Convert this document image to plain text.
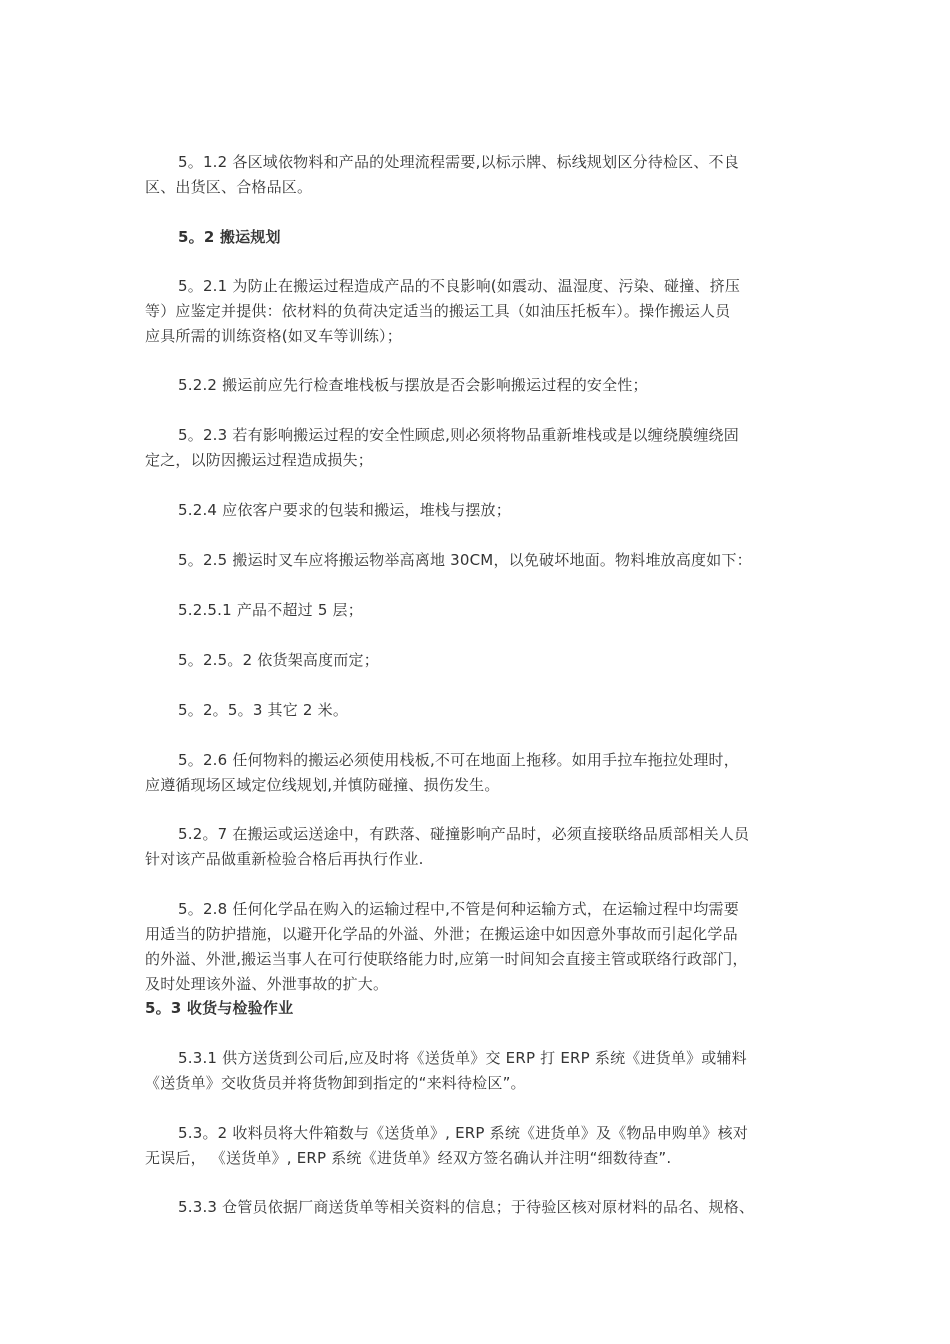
5。1.2 各区域依物料和产品的处理流程需要,以标示牌、标线规划区分待检区、不良
区、出货区、合格品区。
5。2 搬运规划
5。2.1 为防止在搬运过程造成产品的不良影响(如震动、温湿度、污染、碰撞、挤压
等）应鉴定并提供：依材料的负荷决定适当的搬运工具（如油压托板车）。操作搬运人员
应具所需的训练资格(如叉车等训练）；
5.2.2 搬运前应先行检查堆栈板与摆放是否会影响搬运过程的安全性；
5。2.3 若有影响搬运过程的安全性顾虑,则必须将物品重新堆栈或是以缠绕膜缠绕固
定之，以防因搬运过程造成损失；
5.2.4 应依客户要求的包装和搬运，堆栈与摆放；
5。2.5 搬运时叉车应将搬运物举高离地 30CM，以免破坏地面。物料堆放高度如下：
5.2.5.1 产品不超过 5 层；
5。2.5。2 依货架高度而定；
5。2。5。3 其它 2 米。
5。2.6 任何物料的搬运必须使用栈板,不可在地面上拖移。如用手拉车拖拉处理时，
应遵循现场区域定位线规划,并慎防碰撞、损伤发生。
5.2。7 在搬运或运送途中，有跌落、碰撞影响产品时，必须直接联络品质部相关人员
针对该产品做重新检验合格后再执行作业.
5。2.8 任何化学品在购入的运输过程中,不管是何种运输方式，在运输过程中均需要
用适当的防护措施，以避开化学品的外溢、外泄；在搬运途中如因意外事故而引起化学品
的外溢、外泄,搬运当事人在可行使联络能力时,应第一时间知会直接主管或联络行政部门，
及时处理该外溢、外泄事故的扩大。
5。3 收货与检验作业
5.3.1 供方送货到公司后,应及时将《送货单》交 ERP 打 ERP 系统《进货单》或辅料
《送货单》交收货员并将货物卸到指定的“来料待检区”。
5.3。2 收料员将大件箱数与《送货单》, ERP 系统《进货单》及《物品申购单》核对
无误后， 《送货单》, ERP 系统《进货单》经双方签名确认并注明“细数待查”.
5.3.3 仓管员依据厂商送货单等相关资料的信息；于待验区核对原材料的品名、规格、
